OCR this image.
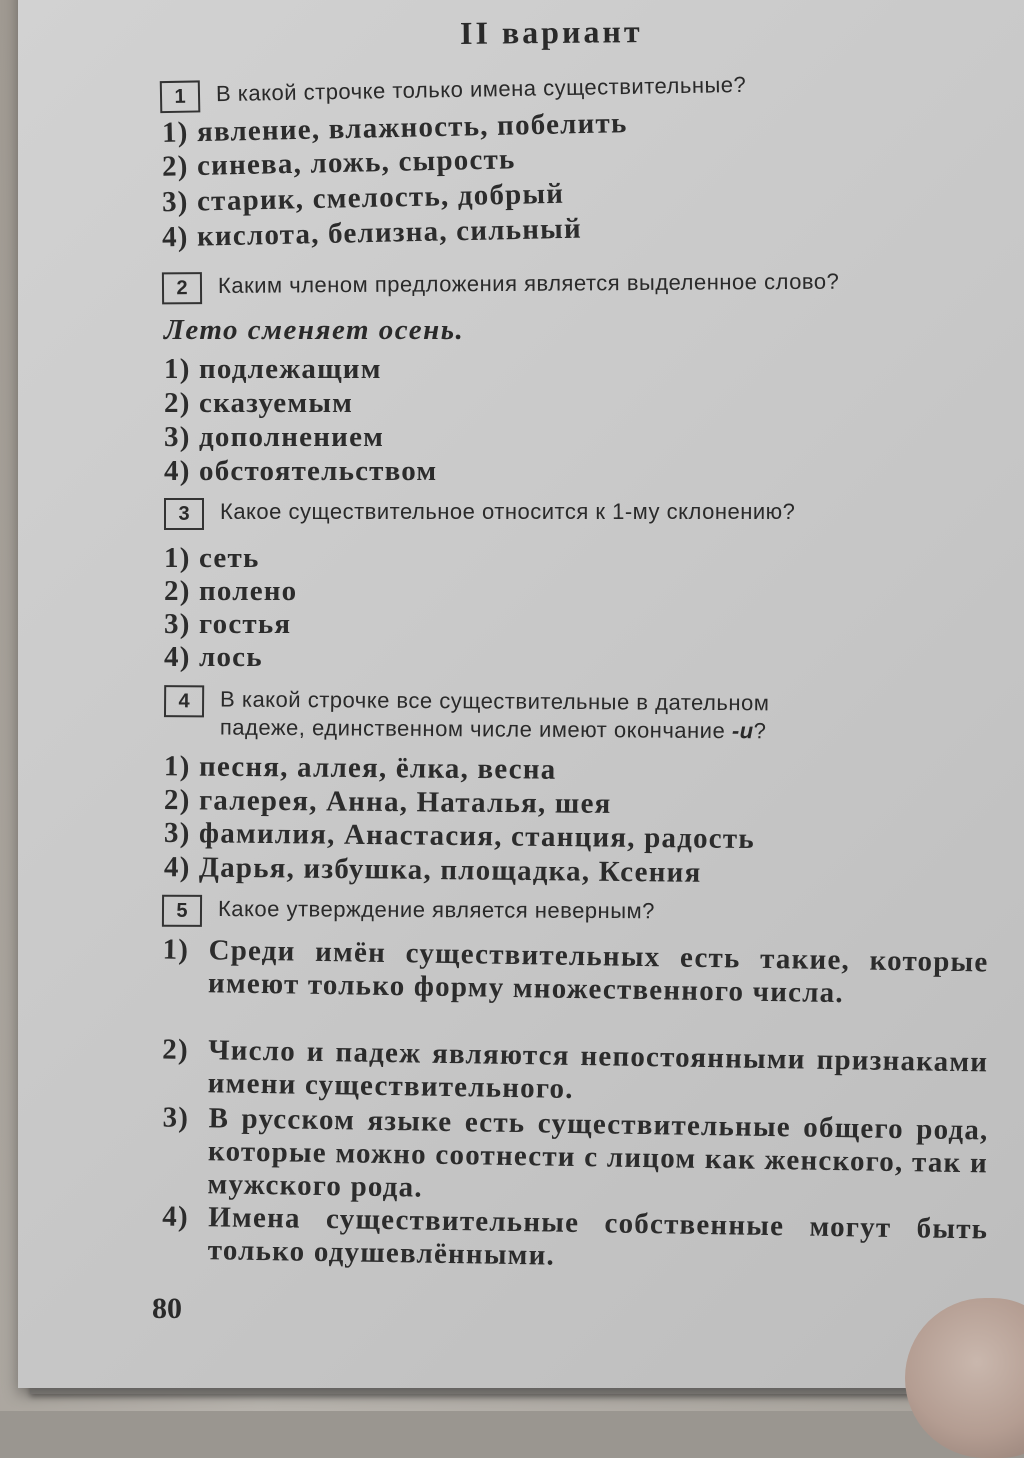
II вариант
1	В какой строчке только имена существительные?
1) явление, влажность, побелить
2) синева, ложь, сырость
3) старик, смелость, добрый
4) кислота, белизна, сильный
2	Каким членом предложения является выделенное слово?
Лето сменяет осень.
1) подлежащим
2) сказуемым
3) дополнением
4) обстоятельством
3	Какое существительное относится к 1-му склонению?
1) сеть
2) полено
3) гостья
4) лось
4	В какой строчке все существительные в дательном
падеже, единственном числе имеют окончание -и?
1) песня, аллея, ёлка, весна
2) галерея, Анна, Наталья, шея
3) фамилия, Анастасия, станция, радость
4) Дарья, избушка, площадка, Ксения
5	Какое утверждение является неверным?
1) Среди имён существительных есть такие, которые имеют только форму множественного числа.
2) Число и падеж являются непостоянными признаками имени существительного.
3) В русском языке есть существительные общего рода, которые можно соотнести с лицом как женского, так и мужского рода.
4) Имена существительные собственные могут быть только одушевлёнными.
80
